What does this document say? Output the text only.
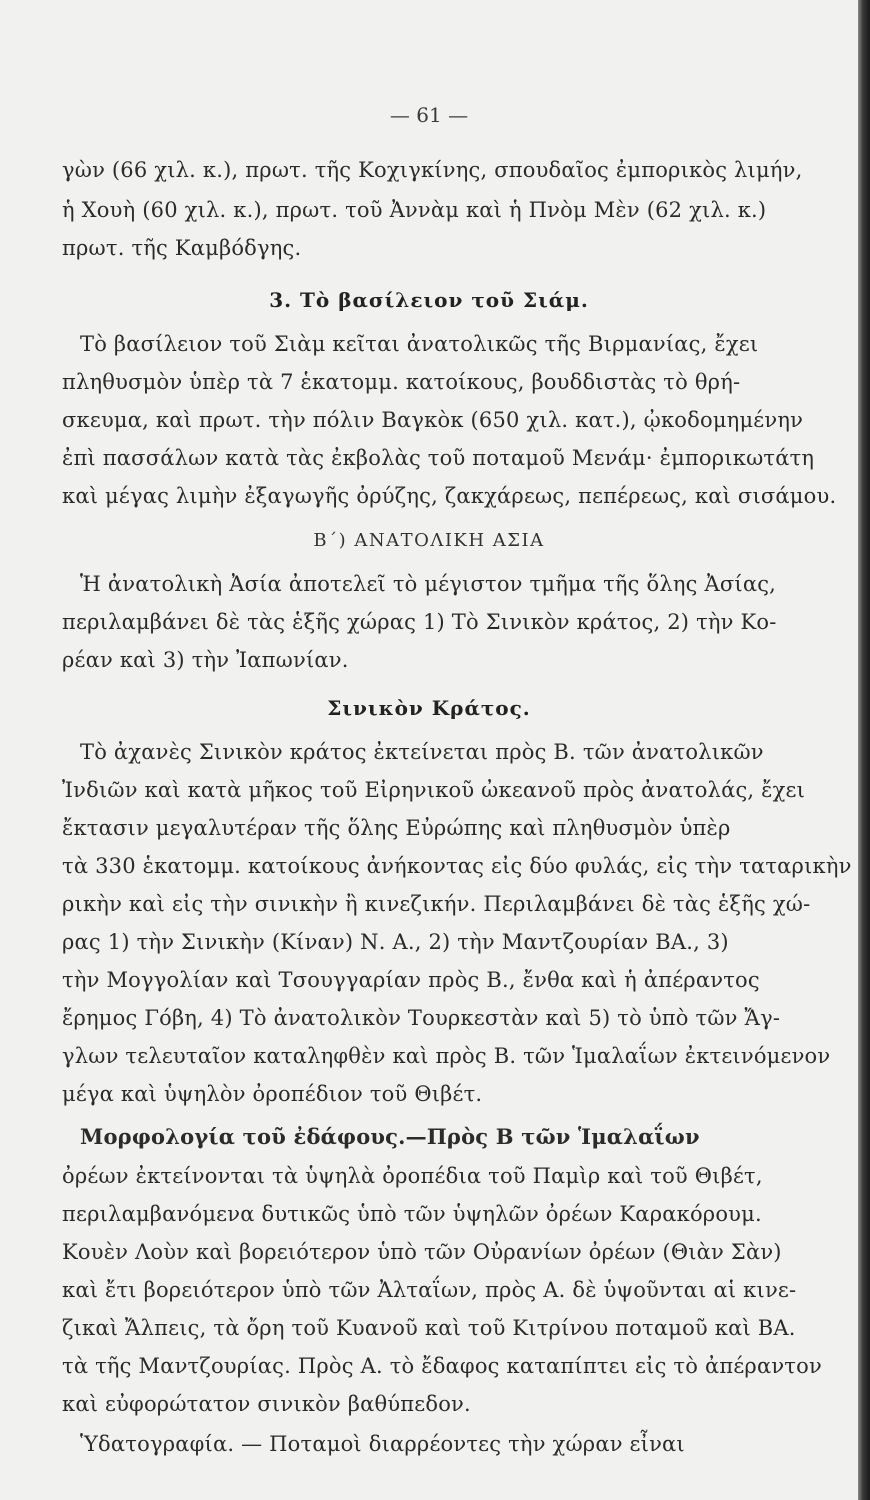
— 61 —
γὼν (66 χιλ. κ.), πρωτ. τῆς Κοχιγκίνης, σπουδαῖος ἐμπορικὸς λιμήν,
ἡ Χουὴ (60 χιλ. κ.), πρωτ. τοῦ Ἀννὰμ καὶ ἡ Πνὸμ Μὲν (62 χιλ. κ.)
πρωτ. τῆς Καμβόδγης.
3. Τὸ βασίλειον τοῦ Σιάμ.
Τὸ βασίλειον τοῦ Σιὰμ κεῖται ἀνατολικῶς τῆς Βιρμανίας, ἔχει
πληθυσμὸν ὑπὲρ τὰ 7 ἑκατομμ. κατοίκους, βουδδιστὰς τὸ θρή-
σκευμα, καὶ πρωτ. τὴν πόλιν Βαγκὸκ (650 χιλ. κατ.), ᾠκοδομημένην
ἐπὶ πασσάλων κατὰ τὰς ἐκβολὰς τοῦ ποταμοῦ Μενάμ· ἐμπορικωτάτη
καὶ μέγας λιμὴν ἐξαγωγῆς ὀρύζης, ζακχάρεως, πεπέρεως, καὶ σισάμου.
Β΄) ΑΝΑΤΟΛΙΚΗ ΑΣΙΑ
Ἡ ἀνατολικὴ Ἀσία ἀποτελεῖ τὸ μέγιστον τμῆμα τῆς ὅλης Ἀσίας,
περιλαμβάνει δὲ τὰς ἑξῆς χώρας 1) Τὸ Σινικὸν κράτος, 2) τὴν Κο-
ρέαν καὶ 3) τὴν Ἰαπωνίαν.
Σινικὸν Κράτος.
Τὸ ἀχανὲς Σινικὸν κράτος ἐκτείνεται πρὸς Β. τῶν ἀνατολικῶν
Ἰνδιῶν καὶ κατὰ μῆκος τοῦ Εἰρηνικοῦ ὠκεανοῦ πρὸς ἀνατολάς, ἔχει
ἔκτασιν μεγαλυτέραν τῆς ὅλης Εὐρώπης καὶ πληθυσμὸν ὑπὲρ
τὰ 330 ἑκατομμ. κατοίκους ἀνήκοντας εἰς δύο φυλάς, εἰς τὴν ταταρικὴν
ρικὴν καὶ εἰς τὴν σινικὴν ἢ κινεζικήν. Περιλαμβάνει δὲ τὰς ἑξῆς χώ-
ρας 1) τὴν Σινικὴν (Κίναν) Ν. Α., 2) τὴν Μαντζουρίαν ΒΑ., 3)
τὴν Μογγολίαν καὶ Τσουγγαρίαν πρὸς Β., ἔνθα καὶ ἡ ἀπέραντος
ἔρημος Γόβη, 4) Τὸ ἀνατολικὸν Τουρκεστὰν καὶ 5) τὸ ὑπὸ τῶν Ἄγ-
γλων τελευταῖον καταληφθὲν καὶ πρὸς Β. τῶν Ἱμαλαΐων ἐκτεινόμενον
μέγα καὶ ὑψηλὸν ὀροπέδιον τοῦ Θιβέτ.
Μορφολογία τοῦ ἐδάφους.—Πρὸς Β τῶν Ἱμαλαΐων
ὀρέων ἐκτείνονται τὰ ὑψηλὰ ὀροπέδια τοῦ Παμὶρ καὶ τοῦ Θιβέτ,
περιλαμβανόμενα δυτικῶς ὑπὸ τῶν ὑψηλῶν ὀρέων Καρακόρουμ.
Κουὲν Λοὺν καὶ βορειότερον ὑπὸ τῶν Οὐρανίων ὀρέων (Θιὰν Σὰν)
καὶ ἔτι βορειότερον ὑπὸ τῶν Ἀλταΐων, πρὸς Α. δὲ ὑψοῦνται αἱ κινε-
ζικαὶ Ἄλπεις, τὰ ὄρη τοῦ Κυανοῦ καὶ τοῦ Κιτρίνου ποταμοῦ καὶ ΒΑ.
τὰ τῆς Μαντζουρίας. Πρὸς Α. τὸ ἔδαφος καταπίπτει εἰς τὸ ἀπέραντον
καὶ εὐφορώτατον σινικὸν βαθύπεδον.
Ὑδατογραφία. — Ποταμοὶ διαρρέοντες τὴν χώραν εἶναι
